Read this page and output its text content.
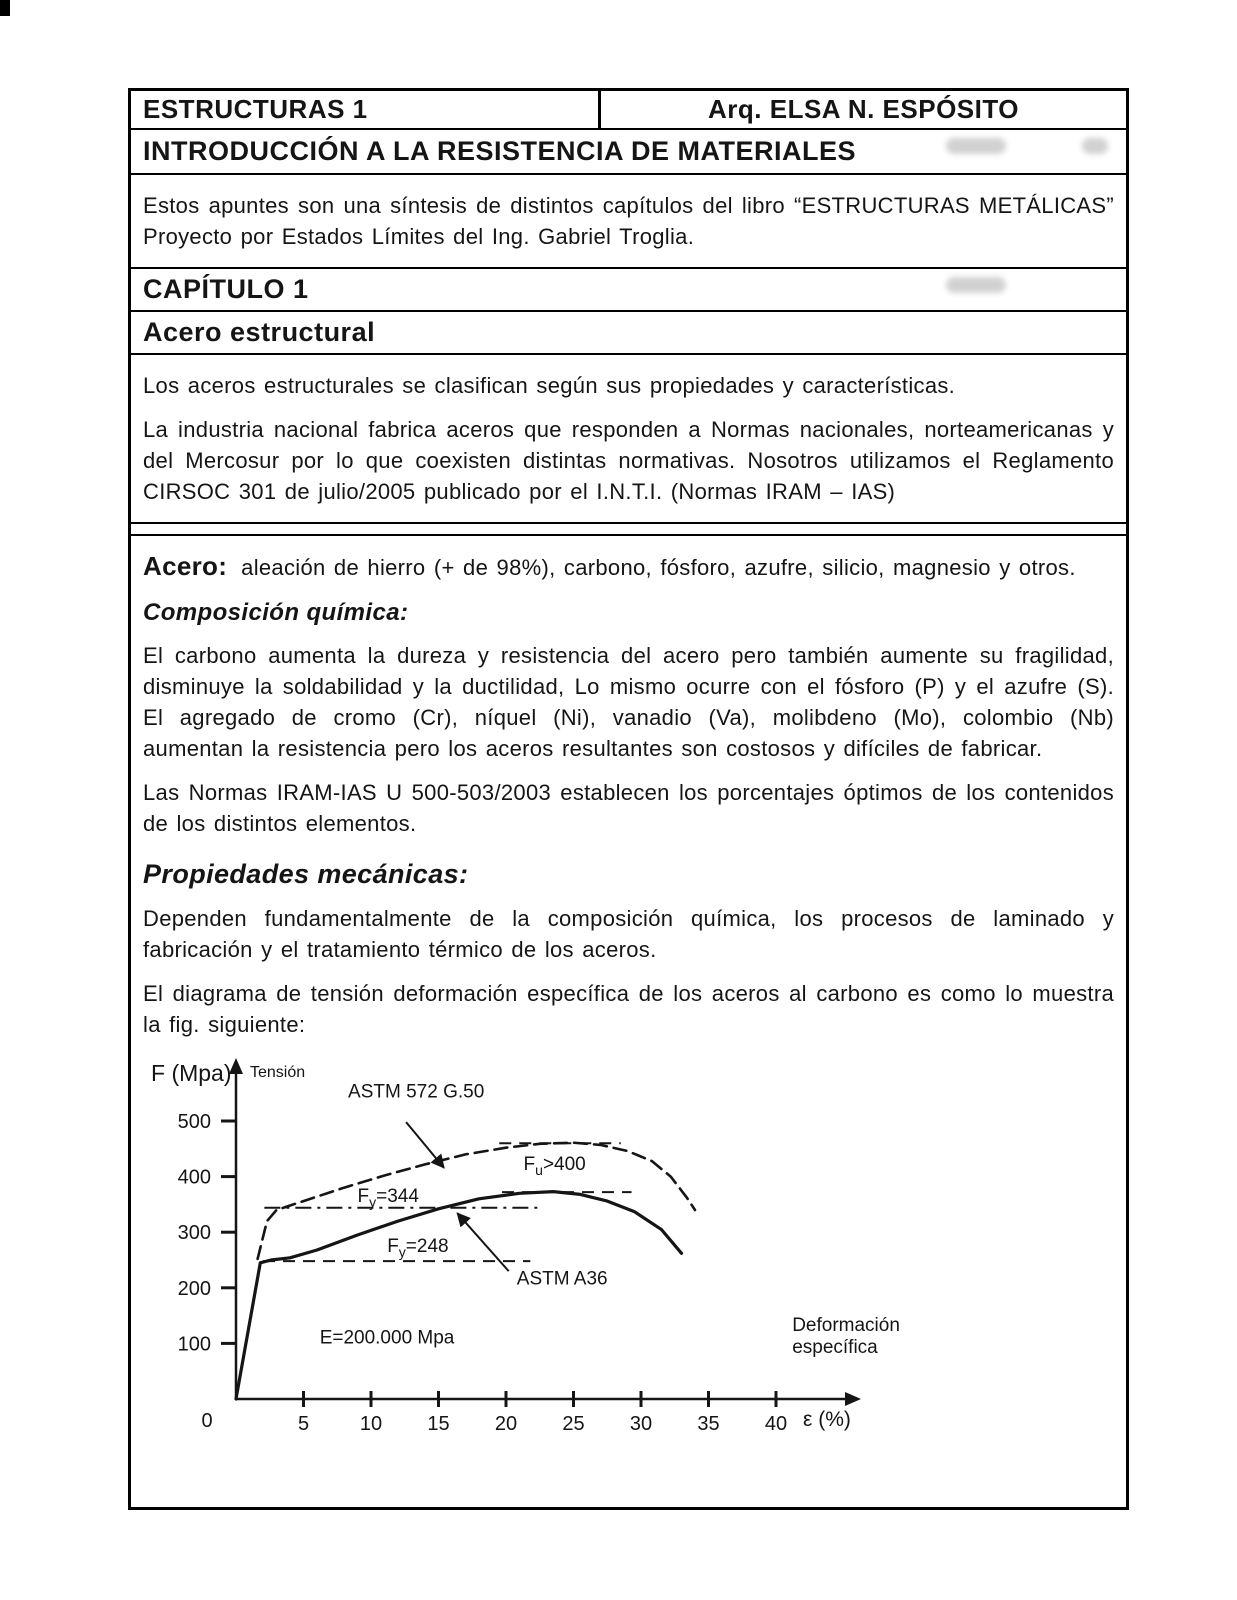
ESTRUCTURAS 1	Arq. ELSA N. ESPÓSITO
INTRODUCCIÓN A LA RESISTENCIA DE MATERIALES

Estos apuntes son una síntesis de distintos capítulos del libro “ESTRUCTURAS METÁLICAS” Proyecto por Estados Límites del Ing. Gabriel Troglia.

CAPÍTULO 1
Acero estructural

Los aceros estructurales se clasifican según sus propiedades y características.

La industria nacional fabrica aceros que responden a Normas nacionales, norteamericanas y del Mercosur por lo que coexisten distintas normativas. Nosotros utilizamos el Reglamento CIRSOC 301 de julio/2005 publicado por el I.N.T.I. (Normas IRAM – IAS)

Acero: aleación de hierro (+ de 98%), carbono, fósforo, azufre, silicio, magnesio y otros.

Composición química:

El carbono aumenta la dureza y resistencia del acero pero también aumente su fragilidad, disminuye la soldabilidad y la ductilidad, Lo mismo ocurre con el fósforo (P) y el azufre (S). El agregado de cromo (Cr), níquel (Ni), vanadio (Va), molibdeno (Mo), colombio (Nb) aumentan la resistencia pero los aceros resultantes son costosos y difíciles de fabricar.

Las Normas IRAM-IAS U 500-503/2003 establecen los porcentajes óptimos de los contenidos de los distintos elementos.

Propiedades mecánicas:

Dependen fundamentalmente de la composición química, los procesos de laminado y fabricación y el tratamiento térmico de los aceros.

El diagrama de tensión deformación específica de los aceros al carbono es como lo muestra la fig. siguiente:

100
200
300
400
500
5	10 15 20 25 30 35 40
0
F (Mpa) Tensión
ε (%)
ASTM 572 G.50
$F_u>400$
$F_y=344$
$F_y=248$
ASTM A36
E=200.000 Mpa
Deformación específica
